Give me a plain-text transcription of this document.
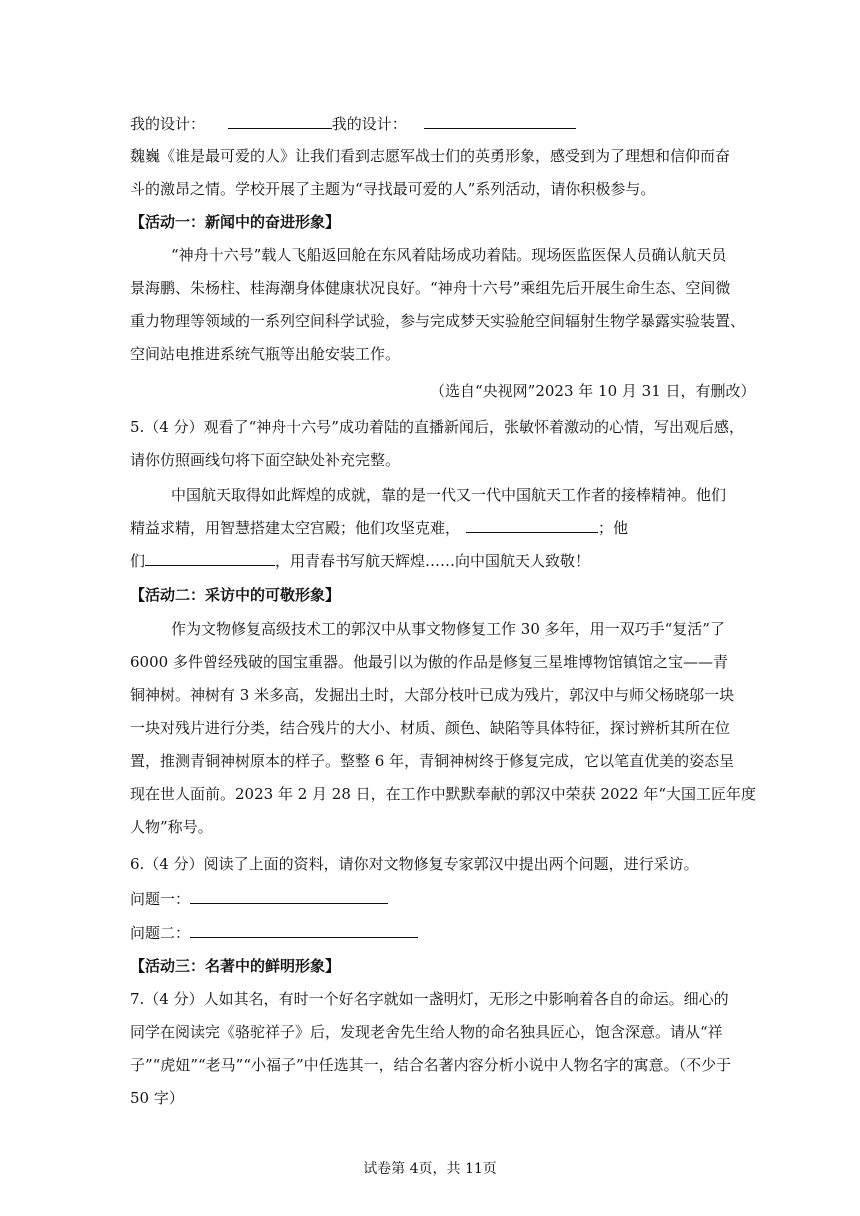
我的设计：	我的设计：
魏巍《谁是最可爱的人》让我们看到志愿军战士们的英勇形象，感受到为了理想和信仰而奋
斗的激昂之情。学校开展了主题为“寻找最可爱的人”系列活动，请你积极参与。
【活动一：新闻中的奋进形象】
“神舟十六号”载人飞船返回舱在东风着陆场成功着陆。现场医监医保人员确认航天员
景海鹏、朱杨柱、桂海潮身体健康状况良好。“神舟十六号”乘组先后开展生命生态、空间微
重力物理等领域的一系列空间科学试验，参与完成梦天实验舱空间辐射生物学暴露实验装置、
空间站电推进系统气瓶等出舱安装工作。
（选自“央视网”2023 年 10 月 31 日，有删改）
5.（4 分）观看了“神舟十六号”成功着陆的直播新闻后，张敏怀着激动的心情，写出观后感，
请你仿照画线句将下面空缺处补充完整。
中国航天取得如此辉煌的成就，靠的是一代又一代中国航天工作者的接棒精神。他们
精益求精，用智慧搭建太空宫殿；他们攻坚克难，	；他
们	，用青春书写航天辉煌……向中国航天人致敬！
【活动二：采访中的可敬形象】
作为文物修复高级技术工的郭汉中从事文物修复工作 30 多年，用一双巧手“复活”了
6000 多件曾经残破的国宝重器。他最引以为傲的作品是修复三星堆博物馆镇馆之宝——青
铜神树。神树有 3 米多高，发掘出土时，大部分枝叶已成为残片，郭汉中与师父杨晓邬一块
一块对残片进行分类，结合残片的大小、材质、颜色、缺陷等具体特征，探讨辨析其所在位
置，推测青铜神树原本的样子。整整 6 年，青铜神树终于修复完成，它以笔直优美的姿态呈
现在世人面前。2023 年 2 月 28 日，在工作中默默奉献的郭汉中荣获 2022 年“大国工匠年度
人物”称号。
6.（4 分）阅读了上面的资料，请你对文物修复专家郭汉中提出两个问题，进行采访。
问题一：
问题二：
【活动三：名著中的鲜明形象】
7.（4 分）人如其名，有时一个好名字就如一盏明灯，无形之中影响着各自的命运。细心的
同学在阅读完《骆驼祥子》后，发现老舍先生给人物的命名独具匠心，饱含深意。请从“祥
子”“虎妞”“老马”“小福子”中任选其一，结合名著内容分析小说中人物名字的寓意。（不少于
50 字）
试卷第 4页，共 11页
